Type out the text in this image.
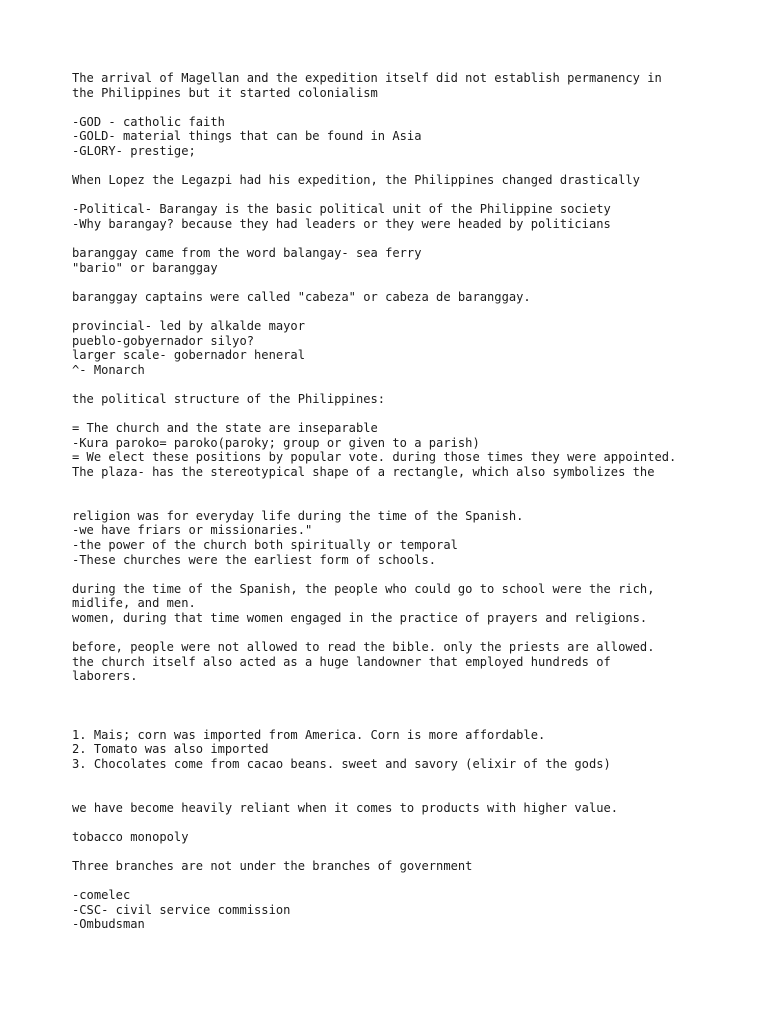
The arrival of Magellan and the expedition itself did not establish permanency in
the Philippines but it started colonialism
-GOD - catholic faith
-GOLD- material things that can be found in Asia
-GLORY- prestige;
When Lopez the Legazpi had his expedition, the Philippines changed drastically
-Political- Barangay is the basic political unit of the Philippine society
-Why barangay? because they had leaders or they were headed by politicians
baranggay came from the word balangay- sea ferry
"bario" or baranggay
baranggay captains were called "cabeza" or cabeza de baranggay.
provincial- led by alkalde mayor
pueblo-gobyernador silyo?
larger scale- gobernador heneral
^- Monarch
the political structure of the Philippines:
= The church and the state are inseparable
-Kura paroko= paroko(paroky; group or given to a parish)
= We elect these positions by popular vote. during those times they were appointed.
The plaza- has the stereotypical shape of a rectangle, which also symbolizes the
religion was for everyday life during the time of the Spanish.
-we have friars or missionaries."
-the power of the church both spiritually or temporal
-These churches were the earliest form of schools.
during the time of the Spanish, the people who could go to school were the rich,
midlife, and men.
women, during that time women engaged in the practice of prayers and religions.
before, people were not allowed to read the bible. only the priests are allowed.
the church itself also acted as a huge landowner that employed hundreds of
laborers.
1. Mais; corn was imported from America. Corn is more affordable.
2. Tomato was also imported
3. Chocolates come from cacao beans. sweet and savory (elixir of the gods)
we have become heavily reliant when it comes to products with higher value.
tobacco monopoly
Three branches are not under the branches of government
-comelec
-CSC- civil service commission
-Ombudsman
